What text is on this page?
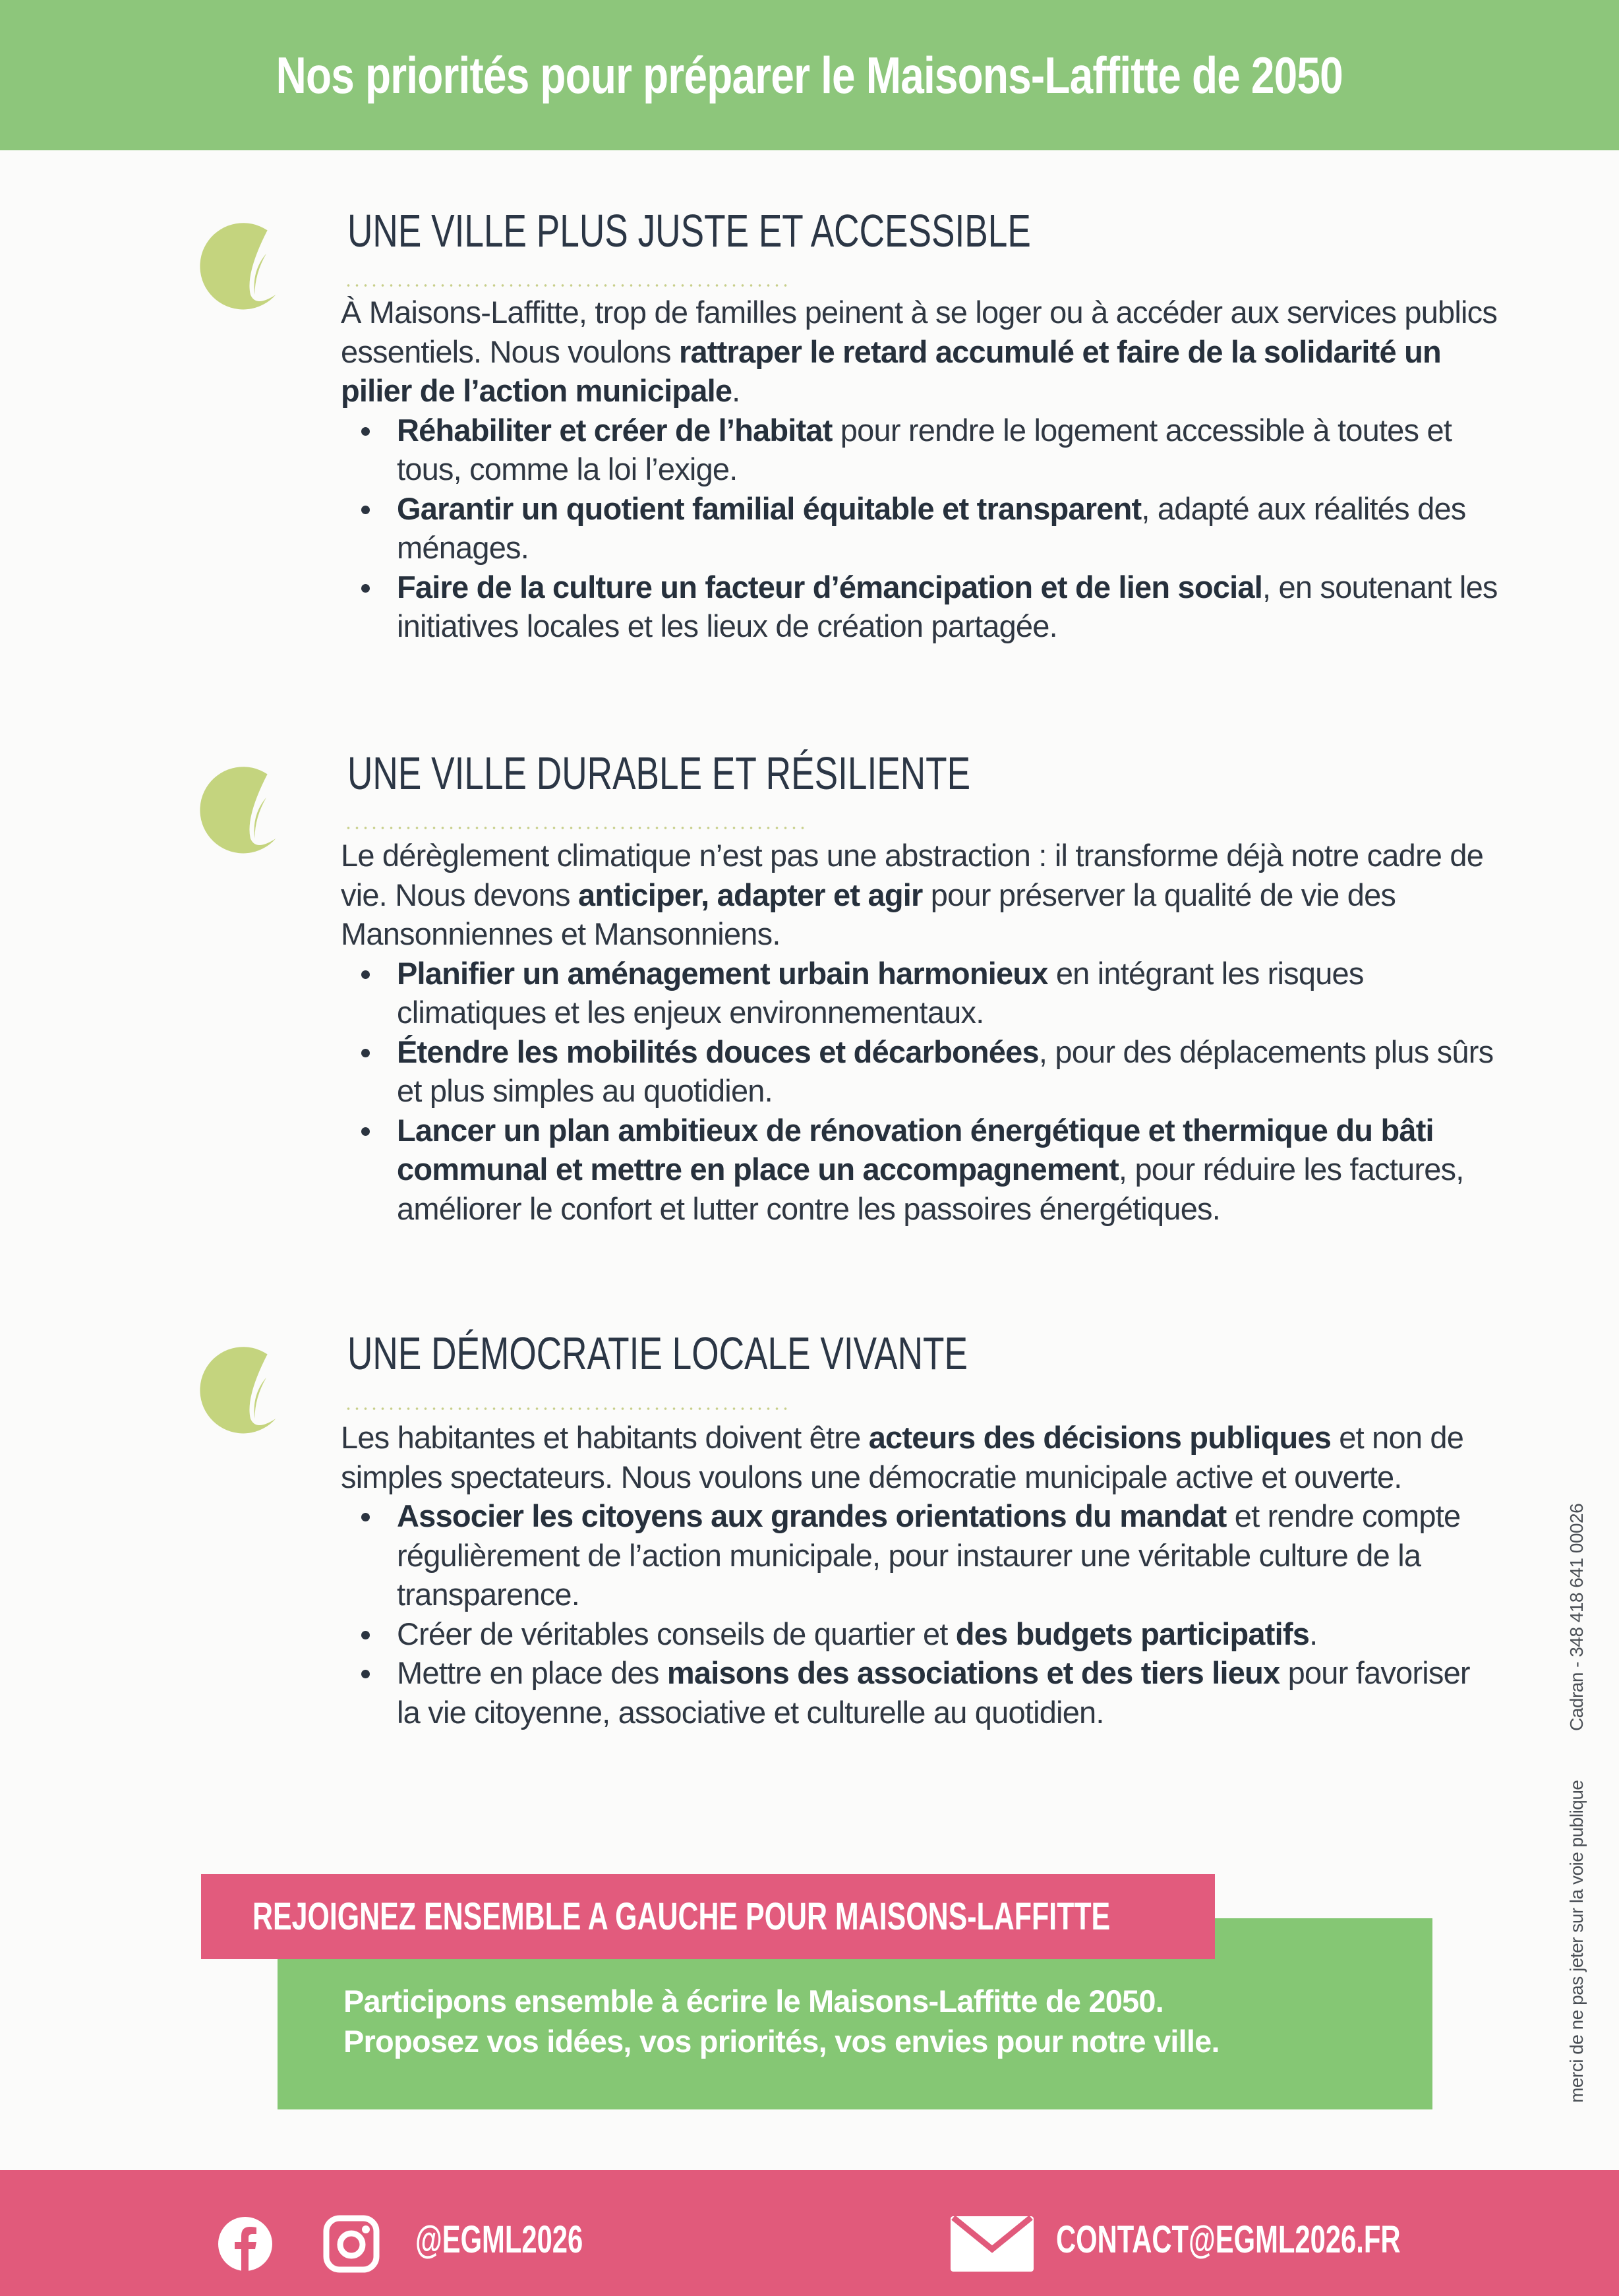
Nos priorités pour préparer le Maisons-Laffitte de 2050
UNE VILLE PLUS JUSTE ET ACCESSIBLE

À Maisons-Laffitte, trop de familles peinent à se loger ou à accéder aux services publics essentiels. Nous voulons rattraper le retard accumulé et faire de la solidarité un pilier de l’action municipale.

Réhabiliter et créer de l’habitat pour rendre le logement accessible à toutes et tous, comme la loi l’exige.
Garantir un quotient familial équitable et transparent, adapté aux réalités des ménages.
Faire de la culture un facteur d’émancipation et de lien social, en soutenant les initiatives locales et les lieux de création partagée.
UNE VILLE DURABLE ET RÉSILIENTE

Le dérèglement climatique n’est pas une abstraction : il transforme déjà notre cadre de vie. Nous devons anticiper, adapter et agir pour préserver la qualité de vie des Mansonniennes et Mansonniens.

Planifier un aménagement urbain harmonieux en intégrant les risques climatiques et les enjeux environnementaux.
Étendre les mobilités douces et décarbonées, pour des déplacements plus sûrs et plus simples au quotidien.
Lancer un plan ambitieux de rénovation énergétique et thermique du bâti communal et mettre en place un accompagnement, pour réduire les factures, améliorer le confort et lutter contre les passoires énergétiques.
UNE DÉMOCRATIE LOCALE VIVANTE

Les habitantes et habitants doivent être acteurs des décisions publiques et non de simples spectateurs. Nous voulons une démocratie municipale active et ouverte.

Associer les citoyens aux grandes orientations du mandat et rendre compte régulièrement de l’action municipale, pour instaurer une véritable culture de la transparence.
Créer de véritables conseils de quartier et des budgets participatifs.
Mettre en place des maisons des associations et des tiers lieux pour favoriser la vie citoyenne, associative et culturelle au quotidien.
REJOIGNEZ ENSEMBLE A GAUCHE POUR MAISONS-LAFFITTE
Participons ensemble à écrire le Maisons-Laffitte de 2050.
Proposez vos idées, vos priorités, vos envies pour notre ville.	merci de ne pas jeter sur la voie publique  Cadran - 348 418 641 00026
@EGML2026	CONTACT@EGML2026.FR
